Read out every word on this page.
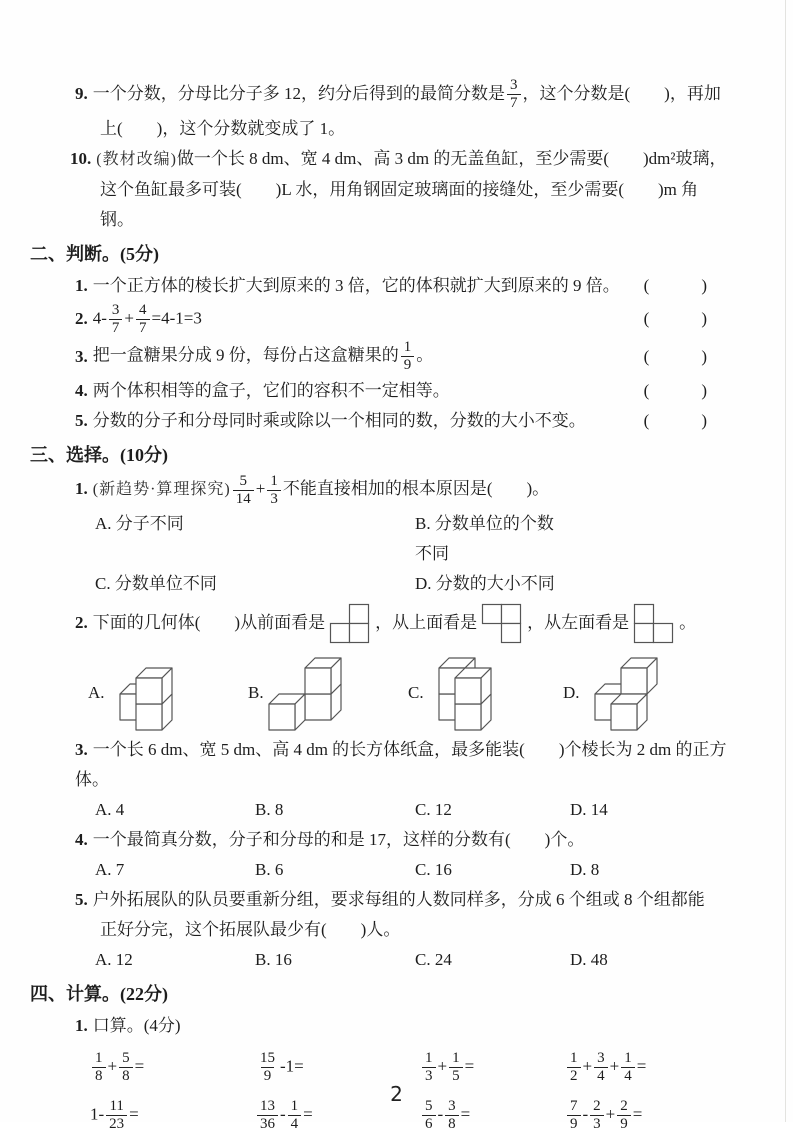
9. 一个分数，分母比分子多 12，约分后得到的最简分数是 $\frac{3}{7}$ ，这个分数是(　　)，再加
上(　　)，这个分数就变成了 1。
10. (教材改编)做一个长 8 dm、宽 4 dm、高 3 dm 的无盖鱼缸，至少需要(　　)dm²玻璃，
这个鱼缸最多可装(　　)L 水，用角钢固定玻璃面的接缝处，至少需要(　　)m 角钢。
二、判断。(5分)
1. 一个正方体的棱长扩大到原来的 3 倍，它的体积就扩大到原来的 9 倍。 (　　)
2. $4- \frac{3}{7} + \frac{4}{7} =4-1=3$	(　　)
3. 把一盒糖果分成 9 份，每份占这盒糖果的 $\frac{1}{9}$ 。	(　　)
4. 两个体积相等的盒子，它们的容积不一定相等。	(　　)
5. 分数的分子和分母同时乘或除以一个相同的数，分数的大小不变。	(　　)
三、选择。(10分)
1. (新趋势·算理探究) $\frac{5}{14} + \frac{1}{3}$ 不能直接相加的根本原因是(　　)。
A. 分子不同	B. 分数单位的个数不同
C. 分数单位不同	D. 分数的大小不同
2. 下面的几何体(　　)从前面看是	，从上面看是	，从左面看是	。
A.	B.	C.	D.
3. 一个长 6 dm、宽 5 dm、高 4 dm 的长方体纸盒，最多能装(　　)个棱长为 2 dm 的正方体。
A. 4	B. 8	C. 12	D. 14
4. 一个最简真分数，分子和分母的和是 17，这样的分数有(　　)个。
A. 7	B. 6	C. 16	D. 8
5. 户外拓展队的队员要重新分组，要求每组的人数同样多，分成 6 个组或 8 个组都能
正好分完，这个拓展队最少有(　　)人。
A. 12	B. 16	C. 24	D. 48
四、计算。(22分)
1. 口算。(4分)
$\frac{1}{8} + \frac{5}{8}$ =	$\frac{15}{9} -1=$	$\frac{1}{3} + \frac{1}{5}$ =	$\frac{1}{2} + \frac{3}{4} + \frac{1}{4}$ =
$1- \frac{11}{23}$ =	$\frac{13}{36} - \frac{1}{4}$ =	$\frac{5}{6} - \frac{3}{8}$ =	$\frac{7}{9} - \frac{2}{3} + \frac{2}{9}$ =
2
